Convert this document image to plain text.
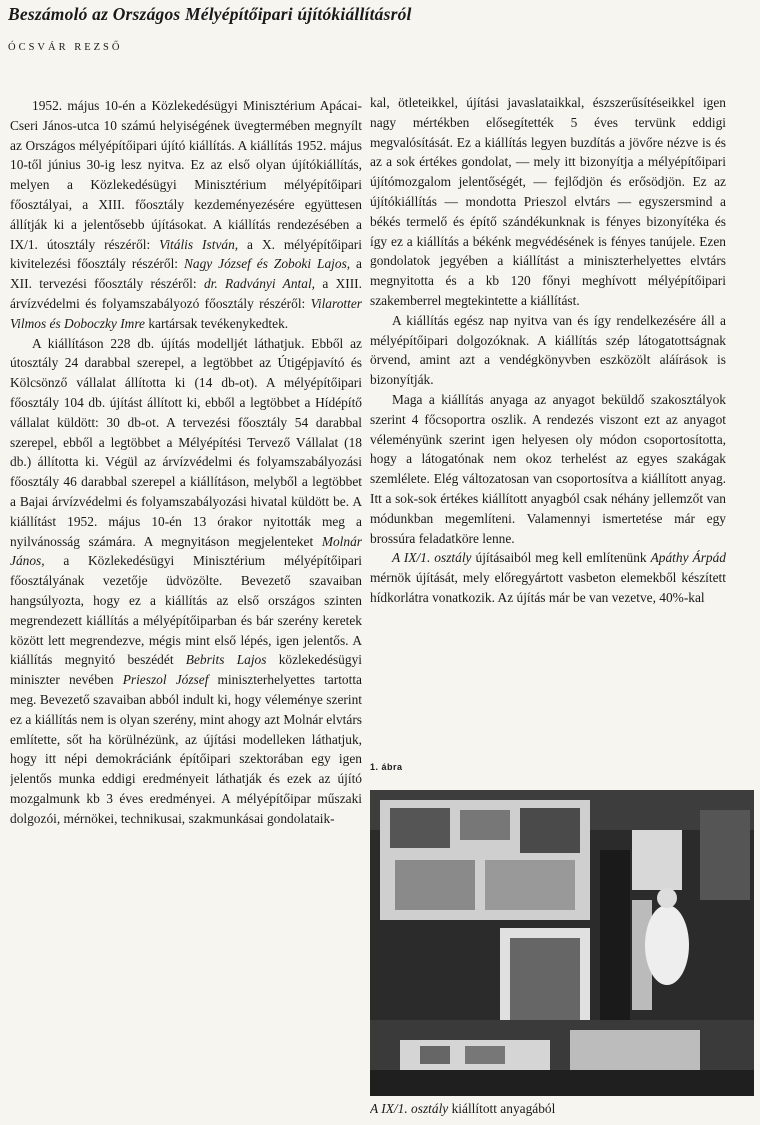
Beszámoló az Országos Mélyépítőipari újítókiállításról
ÓCSVÁR REZSŐ

1952. május 10-én a Közlekedésügyi Minisztérium Apácai-Cseri János-utca 10 számú helyiségének üvegtermében megnyílt az Országos mélyépítőipari újító kiállítás. A kiállítás 1952. május 10-től június 30-ig lesz nyitva. Ez az első olyan újítókiállítás, melyen a Közlekedésügyi Minisztérium mélyépítőipari főosztályai, a XIII. főosztály kezdeményezésére együttesen állítják ki a jelentősebb újításokat. A kiállítás rendezésében a IX/1. útosztály részéről: Vitális István, a X. mélyépítőipari kivitelezési főosztály részéről: Nagy József és Zoboki Lajos, a XII. tervezési főosztály részéről: dr. Radványi Antal, a XIII. árvízvédelmi és folyamszabályozó főosztály részéről: Vilarotter Vilmos és Doboczky Imre kartársak tevékenykedtek.

A kiállításon 228 db. újítás modelljét láthatjuk. Ebből az útosztály 24 darabbal szerepel, a legtöbbet az Útigépjavító és Kölcsönző vállalat állította ki (14 db-ot). A mélyépítőipari főosztály 104 db. újítást állított ki, ebből a legtöbbet a Hídépítő vállalat küldött: 30 db-ot. A tervezési főosztály 54 darabbal szerepel, ebből a legtöbbet a Mélyépítési Tervező Vállalat (18 db.) állította ki. Végül az árvízvédelmi és folyamszabályozási főosztály 46 darabbal szerepel a kiállításon, melyből a legtöbbet a Bajai árvízvédelmi és folyamszabályozási hivatal küldött be. A kiállítást 1952. május 10-én 13 órakor nyitották meg a nyilvánosság számára. A megnyitáson megjelenteket Molnár János, a Közlekedésügyi Minisztérium mélyépítőipari főosztályának vezetője üdvözölte. Bevezető szavaiban hangsúlyozta, hogy ez a kiállítás az első országos szinten megrendezett kiállítás a mélyépítőiparban és bár szerény keretek között lett megrendezve, mégis mint első lépés, igen jelentős. A kiállítás megnyitó beszédét Bebrits Lajos közlekedésügyi miniszter nevében Prieszol József miniszterhelyettes tartotta meg. Bevezető szavaiban abból indult ki, hogy véleménye szerint ez a kiállítás nem is olyan szerény, mint ahogy azt Molnár elvtárs említette, sőt ha körülnézünk, az újítási modelleken láthatjuk, hogy itt népi demokráciánk építőipari szektorában egy igen jelentős munka eddigi eredményeit láthatják és ezek az újító mozgalmunk kb 3 éves eredményei. A mélyépítőipar műszaki dolgozói, mérnökei, technikusai, szakmunkásai gondolataik-

kal, ötleteikkel, újítási javaslataikkal, észszerűsítéseikkel igen nagy mértékben elősegítették 5 éves tervünk eddigi megvalósítását. Ez a kiállítás legyen buzdítás a jövőre nézve is és az a sok értékes gondolat, — mely itt bizonyítja a mélyépítőipari újítómozgalom jelentőségét, — fejlődjön és erősödjön. Ez az újítókiállítás — mondotta Prieszol elvtárs — egyszersmind a békés termelő és építő szándékunknak is fényes bizonyítéka és így ez a kiállítás a békénk megvédésének is fényes tanújele. Ezen gondolatok jegyében a kiállítást a miniszterhelyettes elvtárs megnyitotta és a kb 120 főnyi meghívott mélyépítőipari szakemberrel megtekintette a kiállítást.

A kiállítás egész nap nyitva van és így rendelkezésére áll a mélyépítőipari dolgozóknak. A kiállítás szép látogatottságnak örvend, amint azt a vendégkönyvben eszközölt aláírások is bizonyítják.

Maga a kiállítás anyaga az anyagot beküldő szakosztályok szerint 4 főcsoportra oszlik. A rendezés viszont ezt az anyagot véleményünk szerint igen helyesen oly módon csoportosította, hogy a látogatónak nem okoz terhelést az egyes szakágak szemlélete. Elég változatosan van csoportosítva a kiállított anyag. Itt a sok-sok értékes kiállított anyagból csak néhány jellemzőt van módunkban megemlíteni. Valamennyi ismertetése már egy brossúra feladatköre lenne.

A IX/1. osztály újításaiból meg kell említenünk Apáthy Árpád mérnök újítását, mely előregyártott vasbeton elemekből készített hídkorlátra vonatkozik. Az újítás már be van vezetve, 40%-kal

1. ábra
A IX/1. osztály kiállított anyagából
